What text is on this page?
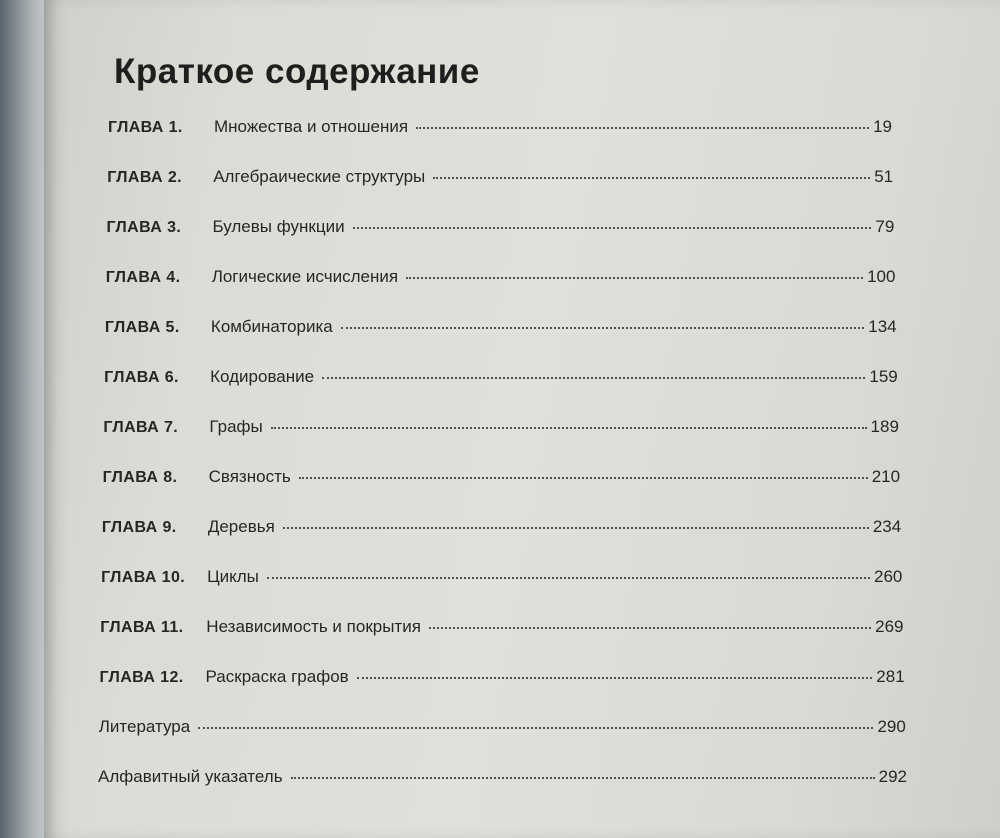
Краткое содержание
ГЛАВА 1.	Множества и отношения	19
ГЛАВА 2.	Алгебраические структуры	51
ГЛАВА 3.	Булевы функции	79
ГЛАВА 4.	Логические исчисления	100
ГЛАВА 5.	Комбинаторика	134
ГЛАВА 6.	Кодирование	159
ГЛАВА 7.	Графы	189
ГЛАВА 8.	Связность	210
ГЛАВА 9.	Деревья	234
ГЛАВА 10.	Циклы	260
ГЛАВА 11.	Независимость и покрытия	269
ГЛАВА 12.	Раскраска графов	281
Литература	290
Алфавитный указатель	292
